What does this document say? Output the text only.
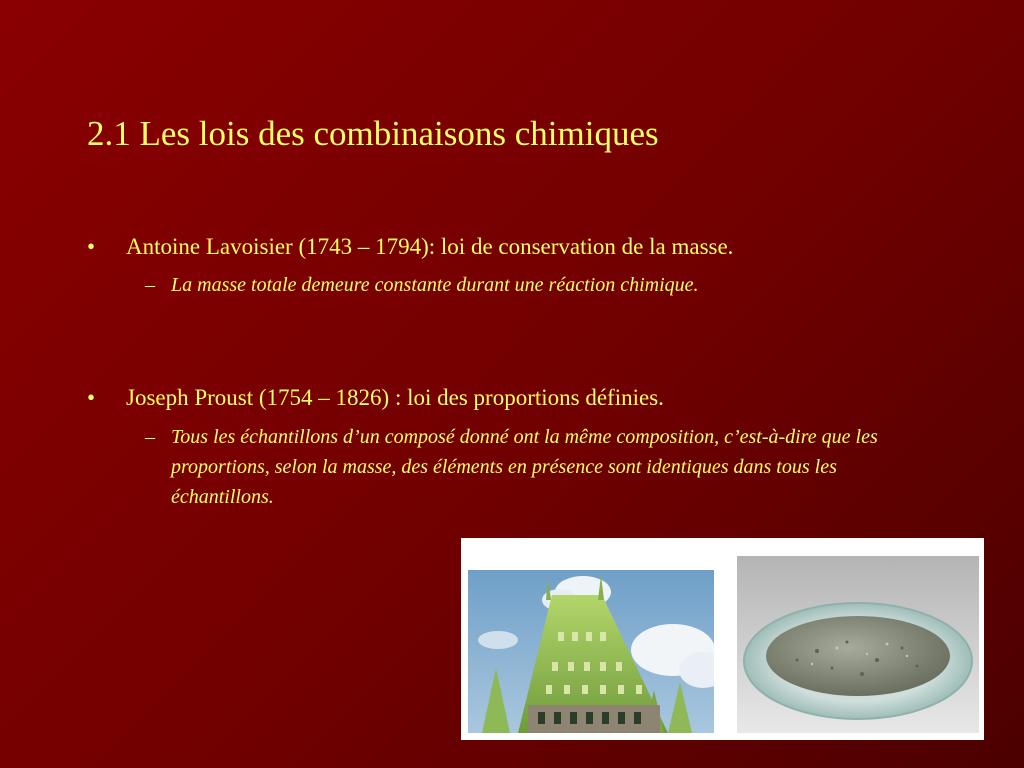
2.1 Les lois des combinaisons chimiques
• Antoine Lavoisier (1743 – 1794): loi de conservation de la masse.
– La masse totale demeure constante durant une réaction chimique.
• Joseph Proust (1754 – 1826) : loi des proportions définies.
– Tous les échantillons d’un composé donné ont la même composition, c’est-à-dire que les proportions, selon la masse, des éléments en présence sont identiques dans tous les échantillons.
